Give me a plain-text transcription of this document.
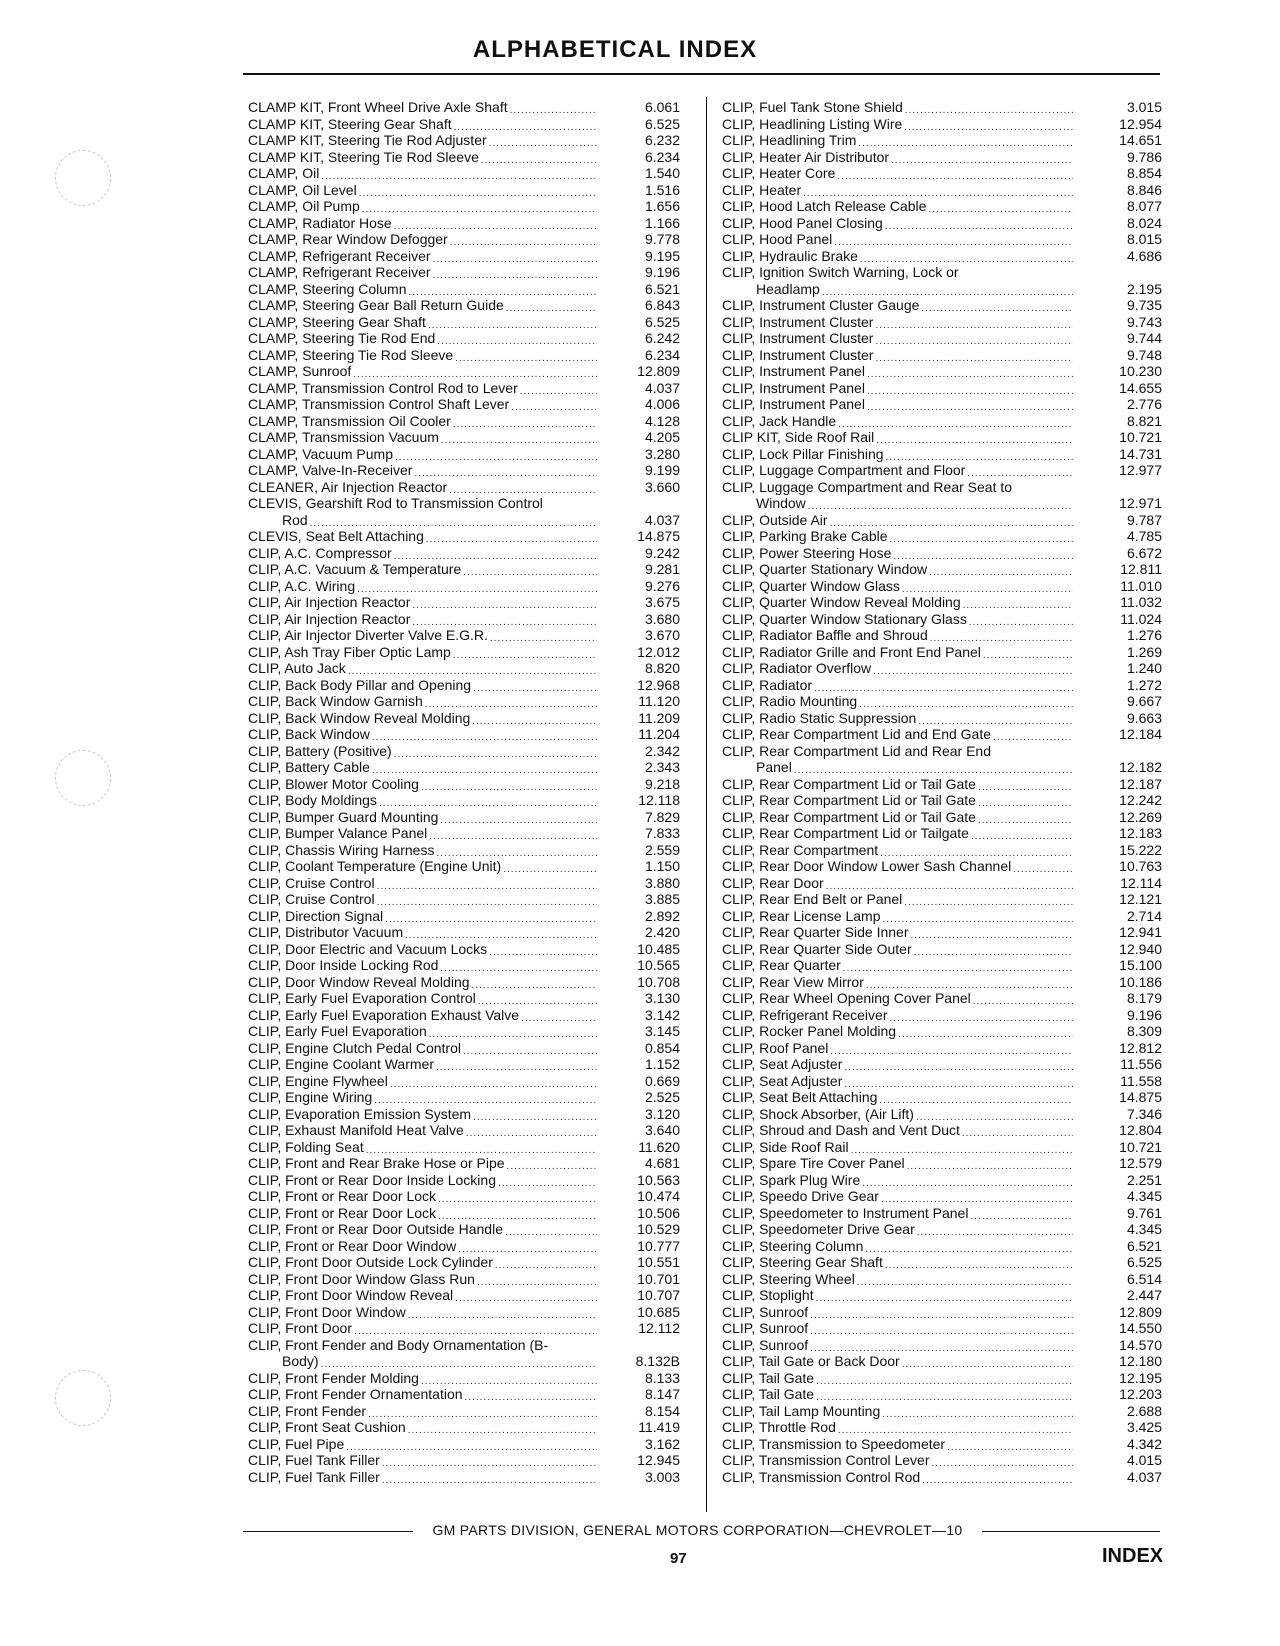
ALPHABETICAL INDEX
CLAMP KIT, Front Wheel Drive Axle Shaft .....	6.061
CLAMP KIT, Steering Gear Shaft .....	6.525
CLAMP KIT, Steering Tie Rod Adjuster .....	6.232
CLAMP KIT, Steering Tie Rod Sleeve .....	6.234
CLAMP, Oil .....	1.540
CLAMP, Oil Level .....	1.516
CLAMP, Oil Pump .....	1.656
CLAMP, Radiator Hose .....	1.166
CLAMP, Rear Window Defogger .....	9.778
CLAMP, Refrigerant Receiver .....	9.195
CLAMP, Refrigerant Receiver .....	9.196
CLAMP, Steering Column .....	6.521
CLAMP, Steering Gear Ball Return Guide .....	6.843
CLAMP, Steering Gear Shaft .....	6.525
CLAMP, Steering Tie Rod End .....	6.242
CLAMP, Steering Tie Rod Sleeve .....	6.234
CLAMP, Sunroof .....	12.809
CLAMP, Transmission Control Rod to Lever .....	4.037
CLAMP, Transmission Control Shaft Lever .....	4.006
CLAMP, Transmission Oil Cooler .....	4.128
CLAMP, Transmission Vacuum .....	4.205
CLAMP, Vacuum Pump .....	3.280
CLAMP, Valve-In-Receiver .....	9.199
CLEANER, Air Injection Reactor .....	3.660
CLEVIS, Gearshift Rod to Transmission Control
Rod .....	4.037
CLEVIS, Seat Belt Attaching .....	14.875
CLIP, A.C. Compressor .....	9.242
CLIP, A.C. Vacuum & Temperature .....	9.281
CLIP, A.C. Wiring .....	9.276
CLIP, Air Injection Reactor .....	3.675
CLIP, Air Injection Reactor .....	3.680
CLIP, Air Injector Diverter Valve E.G.R. .....	3.670
CLIP, Ash Tray Fiber Optic Lamp .....	12.012
CLIP, Auto Jack .....	8.820
CLIP, Back Body Pillar and Opening .....	12.968
CLIP, Back Window Garnish .....	11.120
CLIP, Back Window Reveal Molding .....	11.209
CLIP, Back Window .....	11.204
CLIP, Battery (Positive) .....	2.342
CLIP, Battery Cable .....	2.343
CLIP, Blower Motor Cooling .....	9.218
CLIP, Body Moldings .....	12.118
CLIP, Bumper Guard Mounting .....	7.829
CLIP, Bumper Valance Panel .....	7.833
CLIP, Chassis Wiring Harness .....	2.559
CLIP, Coolant Temperature (Engine Unit) .....	1.150
CLIP, Cruise Control .....	3.880
CLIP, Cruise Control .....	3.885
CLIP, Direction Signal .....	2.892
CLIP, Distributor Vacuum .....	2.420
CLIP, Door Electric and Vacuum Locks .....	10.485
CLIP, Door Inside Locking Rod .....	10.565
CLIP, Door Window Reveal Molding .....	10.708
CLIP, Early Fuel Evaporation Control .....	3.130
CLIP, Early Fuel Evaporation Exhaust Valve .....	3.142
CLIP, Early Fuel Evaporation .....	3.145
CLIP, Engine Clutch Pedal Control .....	0.854
CLIP, Engine Coolant Warmer .....	1.152
CLIP, Engine Flywheel .....	0.669
CLIP, Engine Wiring .....	2.525
CLIP, Evaporation Emission System .....	3.120
CLIP, Exhaust Manifold Heat Valve .....	3.640
CLIP, Folding Seat .....	11.620
CLIP, Front and Rear Brake Hose or Pipe .....	4.681
CLIP, Front or Rear Door Inside Locking .....	10.563
CLIP, Front or Rear Door Lock .....	10.474
CLIP, Front or Rear Door Lock .....	10.506
CLIP, Front or Rear Door Outside Handle .....	10.529
CLIP, Front or Rear Door Window .....	10.777
CLIP, Front Door Outside Lock Cylinder .....	10.551
CLIP, Front Door Window Glass Run .....	10.701
CLIP, Front Door Window Reveal .....	10.707
CLIP, Front Door Window .....	10.685
CLIP, Front Door .....	12.112
CLIP, Front Fender and Body Ornamentation (B-
Body) .....	8.132B
CLIP, Front Fender Molding .....	8.133
CLIP, Front Fender Ornamentation .....	8.147
CLIP, Front Fender .....	8.154
CLIP, Front Seat Cushion .....	11.419
CLIP, Fuel Pipe .....	3.162
CLIP, Fuel Tank Filler .....	12.945
CLIP, Fuel Tank Filler .....	3.003
CLIP, Fuel Tank Stone Shield .....	3.015
CLIP, Headlining Listing Wire .....	12.954
CLIP, Headlining Trim .....	14.651
CLIP, Heater Air Distributor .....	9.786
CLIP, Heater Core .....	8.854
CLIP, Heater .....	8.846
CLIP, Hood Latch Release Cable .....	8.077
CLIP, Hood Panel Closing .....	8.024
CLIP, Hood Panel .....	8.015
CLIP, Hydraulic Brake .....	4.686
CLIP, Ignition Switch Warning, Lock or
Headlamp .....	2.195
CLIP, Instrument Cluster Gauge .....	9.735
CLIP, Instrument Cluster .....	9.743
CLIP, Instrument Cluster .....	9.744
CLIP, Instrument Cluster .....	9.748
CLIP, Instrument Panel .....	10.230
CLIP, Instrument Panel .....	14.655
CLIP, Instrument Panel .....	2.776
CLIP, Jack Handle .....	8.821
CLIP KIT, Side Roof Rail .....	10.721
CLIP, Lock Pillar Finishing .....	14.731
CLIP, Luggage Compartment and Floor .....	12.977
CLIP, Luggage Compartment and Rear Seat to
Window .....	12.971
CLIP, Outside Air .....	9.787
CLIP, Parking Brake Cable .....	4.785
CLIP, Power Steering Hose .....	6.672
CLIP, Quarter Stationary Window .....	12.811
CLIP, Quarter Window Glass .....	11.010
CLIP, Quarter Window Reveal Molding .....	11.032
CLIP, Quarter Window Stationary Glass .....	11.024
CLIP, Radiator Baffle and Shroud .....	1.276
CLIP, Radiator Grille and Front End Panel .....	1.269
CLIP, Radiator Overflow .....	1.240
CLIP, Radiator .....	1.272
CLIP, Radio Mounting .....	9.667
CLIP, Radio Static Suppression .....	9.663
CLIP, Rear Compartment Lid and End Gate .....	12.184
CLIP, Rear Compartment Lid and Rear End
Panel .....	12.182
CLIP, Rear Compartment Lid or Tail Gate .....	12.187
CLIP, Rear Compartment Lid or Tail Gate .....	12.242
CLIP, Rear Compartment Lid or Tail Gate .....	12.269
CLIP, Rear Compartment Lid or Tailgate .....	12.183
CLIP, Rear Compartment .....	15.222
CLIP, Rear Door Window Lower Sash Channel .....	10.763
CLIP, Rear Door .....	12.114
CLIP, Rear End Belt or Panel .....	12.121
CLIP, Rear License Lamp .....	2.714
CLIP, Rear Quarter Side Inner .....	12.941
CLIP, Rear Quarter Side Outer .....	12.940
CLIP, Rear Quarter .....	15.100
CLIP, Rear View Mirror .....	10.186
CLIP, Rear Wheel Opening Cover Panel .....	8.179
CLIP, Refrigerant Receiver .....	9.196
CLIP, Rocker Panel Molding .....	8.309
CLIP, Roof Panel .....	12.812
CLIP, Seat Adjuster .....	11.556
CLIP, Seat Adjuster .....	11.558
CLIP, Seat Belt Attaching .....	14.875
CLIP, Shock Absorber, (Air Lift) .....	7.346
CLIP, Shroud and Dash and Vent Duct .....	12.804
CLIP, Side Roof Rail .....	10.721
CLIP, Spare Tire Cover Panel .....	12.579
CLIP, Spark Plug Wire .....	2.251
CLIP, Speedo Drive Gear .....	4.345
CLIP, Speedometer to Instrument Panel .....	9.761
CLIP, Speedometer Drive Gear .....	4.345
CLIP, Steering Column .....	6.521
CLIP, Steering Gear Shaft .....	6.525
CLIP, Steering Wheel .....	6.514
CLIP, Stoplight .....	2.447
CLIP, Sunroof .....	12.809
CLIP, Sunroof .....	14.550
CLIP, Sunroof .....	14.570
CLIP, Tail Gate or Back Door .....	12.180
CLIP, Tail Gate .....	12.195
CLIP, Tail Gate .....	12.203
CLIP, Tail Lamp Mounting .....	2.688
CLIP, Throttle Rod .....	3.425
CLIP, Transmission to Speedometer .....	4.342
CLIP, Transmission Control Lever .....	4.015
CLIP, Transmission Control Rod .....	4.037
GM PARTS DIVISION, GENERAL MOTORS CORPORATION—CHEVROLET—10
97	INDEX
